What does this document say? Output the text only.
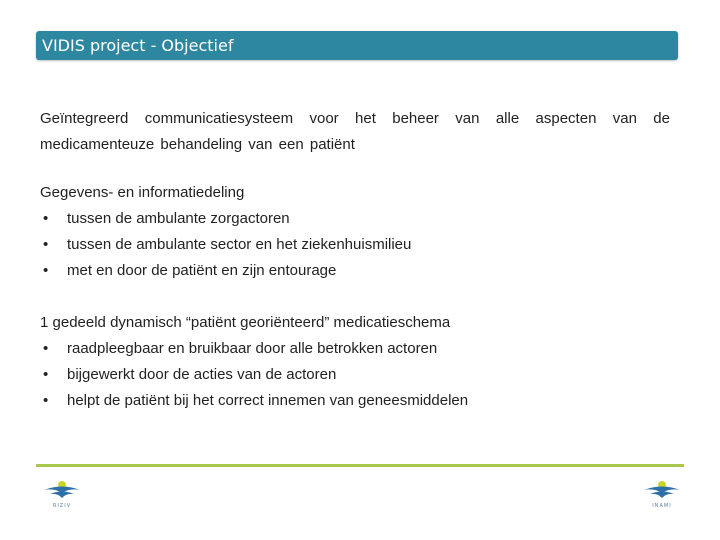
VIDIS project - Objectief
Geïntegreerd communicatiesysteem voor het beheer van alle aspecten van de medicamenteuze behandeling van een patiënt
Gegevens- en informatiedeling
•	tussen de ambulante zorgactoren
•	tussen de ambulante sector en het ziekenhuismilieu
•	met en door de patiënt en zijn entourage
1 gedeeld dynamisch “patiënt georiënteerd” medicatieschema
•	raadpleegbaar en bruikbaar door alle betrokken actoren
•	bijgewerkt door de acties van de actoren
•	helpt de patiënt bij het correct innemen van geneesmiddelen
RIZIV	INAMI
